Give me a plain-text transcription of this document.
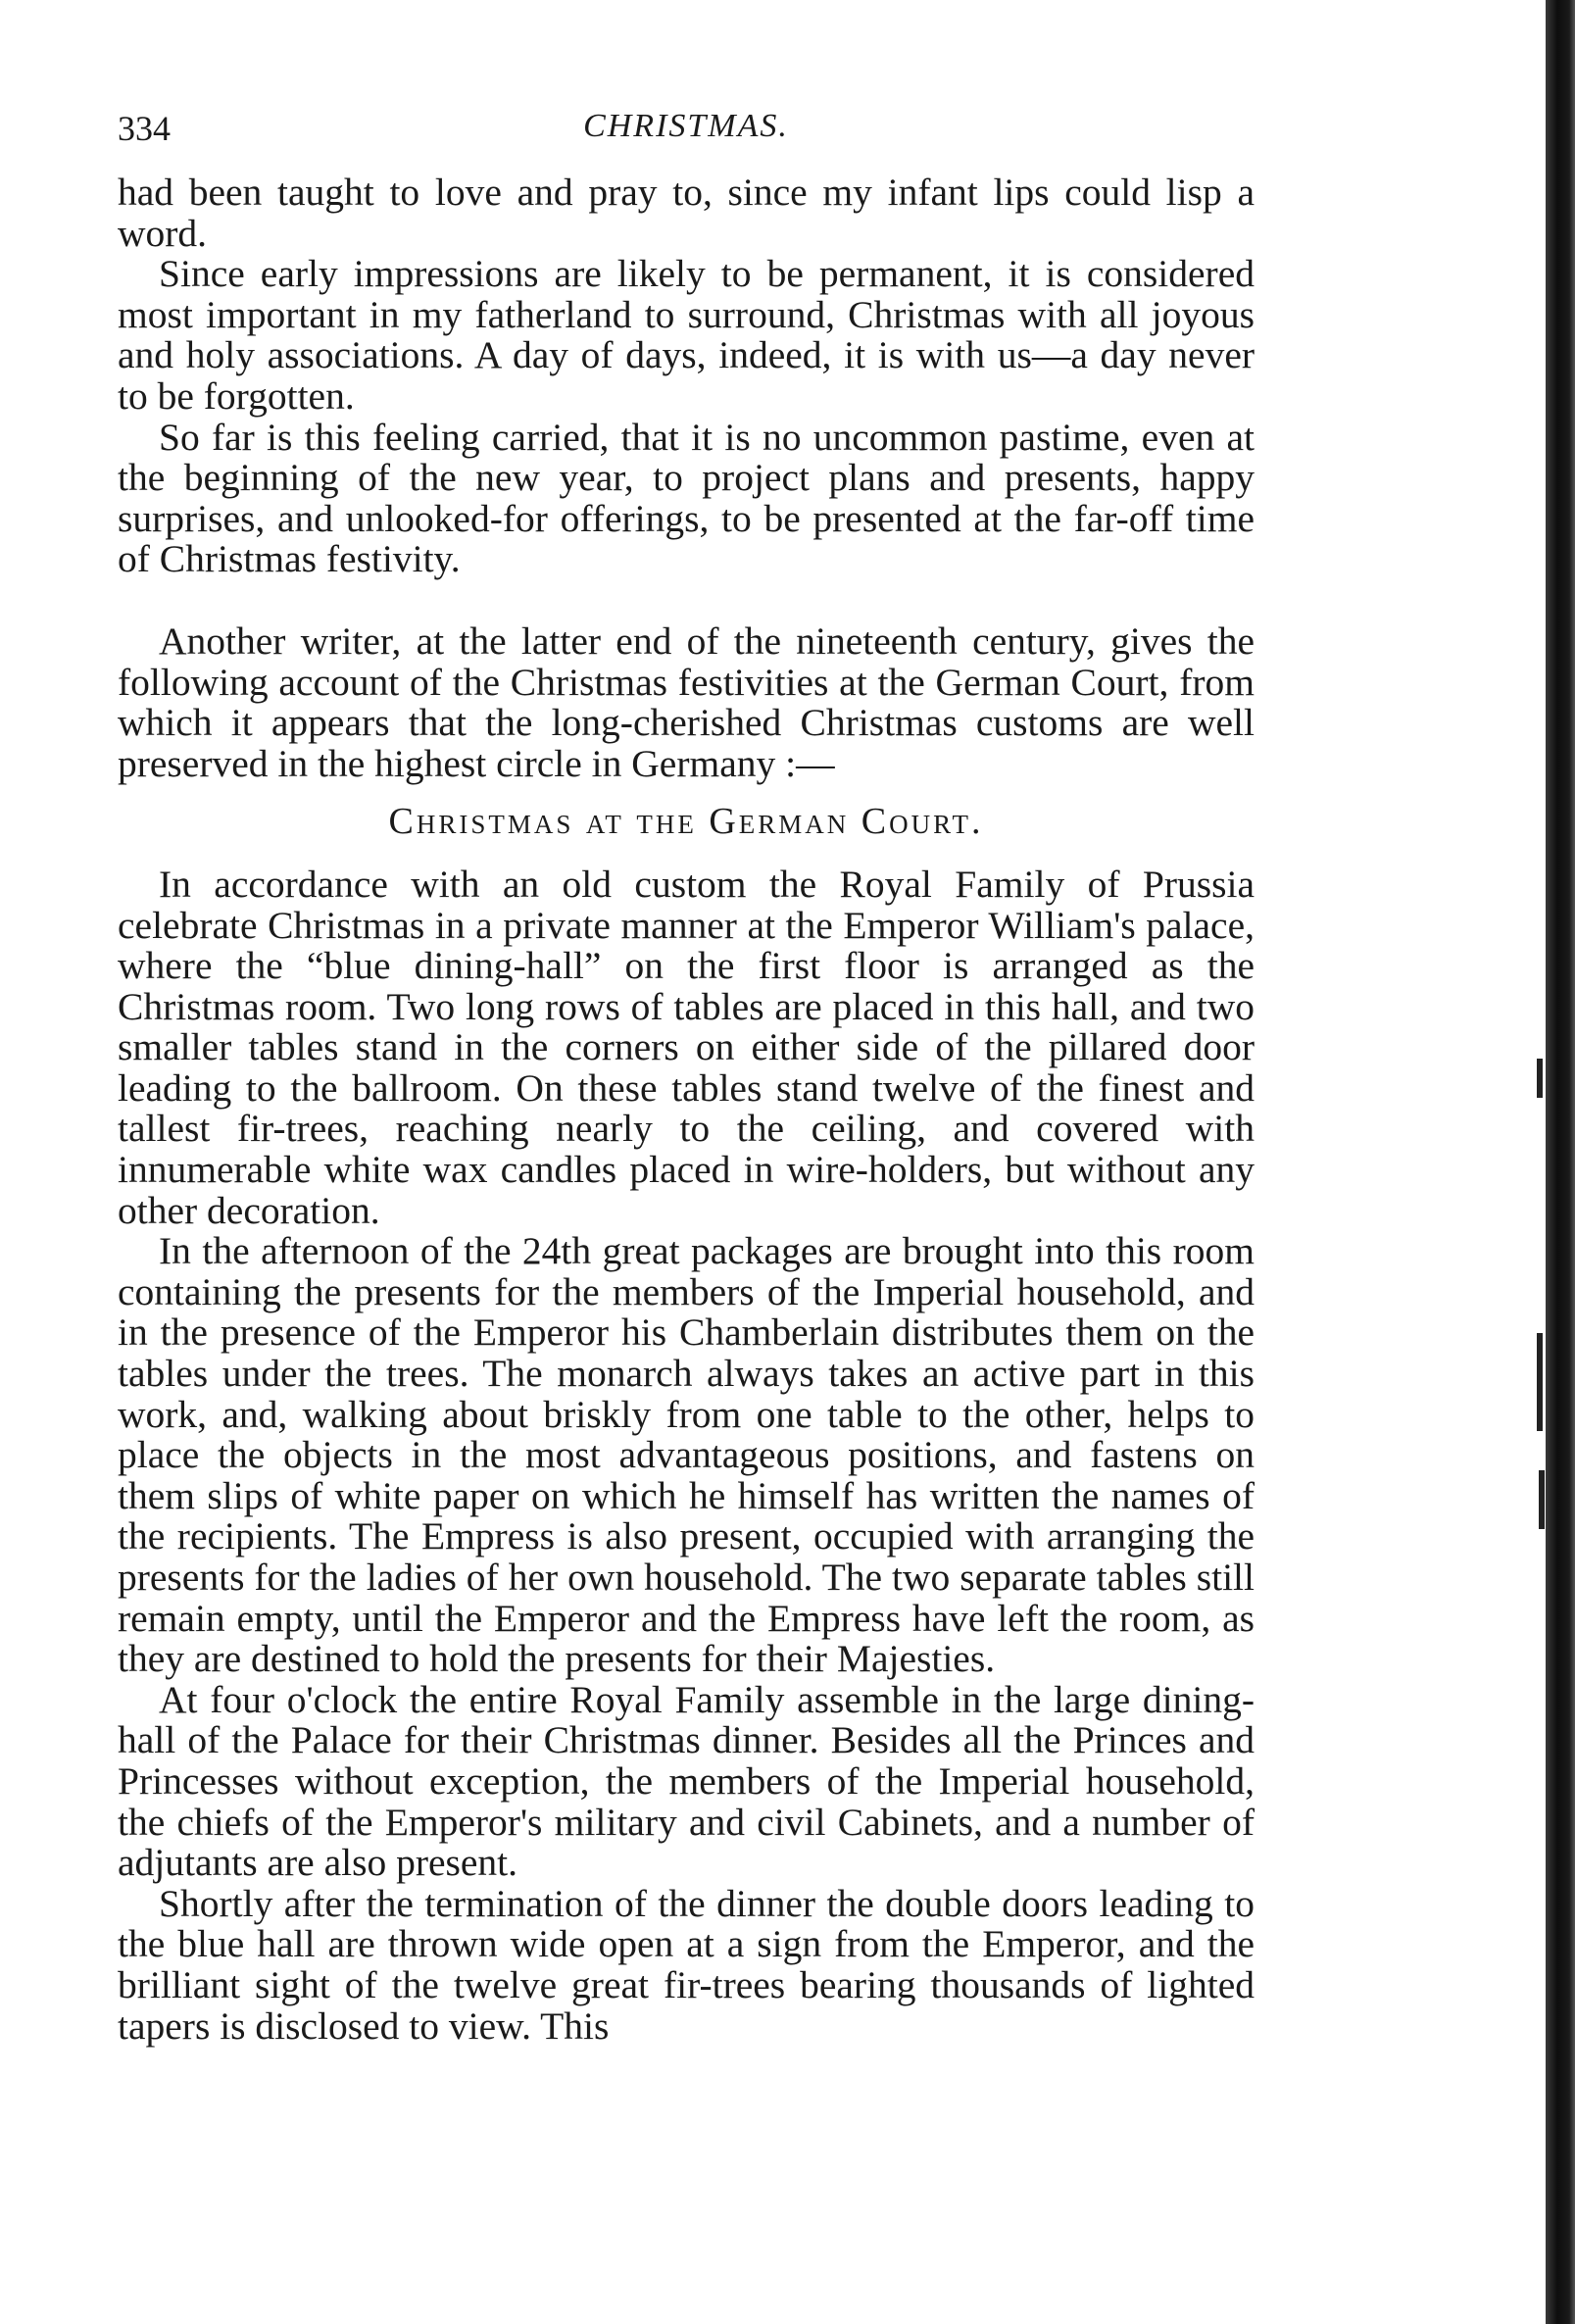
CHRISTMAS.
334

had been taught to love and pray to, since my infant lips could lisp a word.

Since early impressions are likely to be permanent, it is considered most important in my fatherland to surround, Christmas with all joyous and holy associations. A day of days, indeed, it is with us—a day never to be forgotten.

So far is this feeling carried, that it is no uncommon pastime, even at the beginning of the new year, to project plans and presents, happy surprises, and unlooked-for offerings, to be presented at the far-off time of Christmas festivity.

Another writer, at the latter end of the nineteenth century, gives the following account of the Christmas festivities at the German Court, from which it appears that the long-cherished Christmas customs are well preserved in the highest circle in Germany :—

Christmas at the German Court.

In accordance with an old custom the Royal Family of Prussia celebrate Christmas in a private manner at the Emperor William's palace, where the “blue dining-hall” on the first floor is arranged as the Christmas room. Two long rows of tables are placed in this hall, and two smaller tables stand in the corners on either side of the pillared door leading to the ballroom. On these tables stand twelve of the finest and tallest fir-trees, reaching nearly to the ceiling, and covered with innumerable white wax candles placed in wire-holders, but without any other decoration.

In the afternoon of the 24th great packages are brought into this room containing the presents for the members of the Imperial household, and in the presence of the Emperor his Chamberlain distributes them on the tables under the trees. The monarch always takes an active part in this work, and, walking about briskly from one table to the other, helps to place the objects in the most advantageous positions, and fastens on them slips of white paper on which he himself has written the names of the recipients. The Empress is also present, occupied with arranging the presents for the ladies of her own household. The two separate tables still remain empty, until the Emperor and the Empress have left the room, as they are destined to hold the presents for their Majesties.

At four o'clock the entire Royal Family assemble in the large dining-hall of the Palace for their Christmas dinner. Besides all the Princes and Princesses without exception, the members of the Imperial household, the chiefs of the Emperor's military and civil Cabinets, and a number of adjutants are also present.

Shortly after the termination of the dinner the double doors leading to the blue hall are thrown wide open at a sign from the Emperor, and the brilliant sight of the twelve great fir-trees bearing thousands of lighted tapers is disclosed to view. This
